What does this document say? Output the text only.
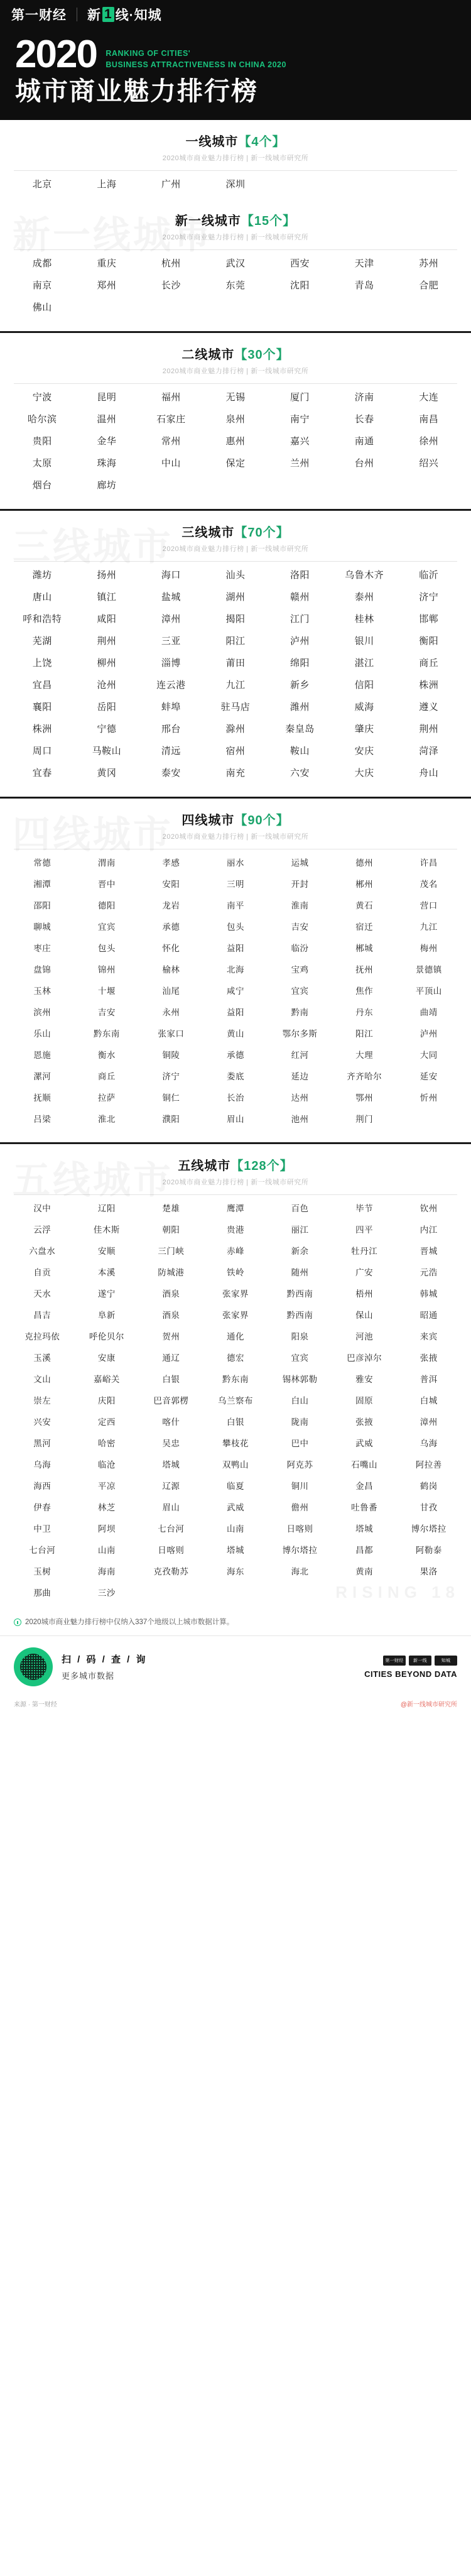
第一财经 新 1 线·知城
2020 RANKING OF CITIES'
BUSINESS ATTRACTIVENESS IN CHINA 2020
城市商业魅力排行榜
一线城市【4个】
2020城市商业魅力排行榜 | 新一线城市研究所
北京	上海	广州	深圳
新一线城市【15个】
2020城市商业魅力排行榜 | 新一线城市研究所
成都	重庆	杭州	武汉	西安	天津	苏州
南京	郑州	长沙	东莞	沈阳	青岛	合肥
佛山
二线城市【30个】
2020城市商业魅力排行榜 | 新一线城市研究所
宁波	昆明	福州	无锡	厦门	济南	大连
哈尔滨	温州	石家庄	泉州	南宁	长春	南昌
贵阳	金华	常州	惠州	嘉兴	南通	徐州
太原	珠海	中山	保定	兰州	台州	绍兴
烟台	廊坊
三线城市【70个】
2020城市商业魅力排行榜 | 新一线城市研究所
潍坊	扬州	海口	汕头	洛阳	乌鲁木齐	临沂
唐山	镇江	盐城	湖州	赣州	泰州	济宁
呼和浩特	咸阳	漳州	揭阳	江门	桂林	邯郸
芜湖	荆州	三亚	阳江	泸州	银川	衡阳
上饶	柳州	淄博	莆田	绵阳	湛江	商丘
宜昌	沧州	连云港	九江	新乡	信阳	株洲
襄阳	岳阳	蚌埠	驻马店	潍州	威海	遵义
株洲	宁德	邢台	滁州	秦皇岛	肇庆	荆州
周口	马鞍山	清远	宿州	鞍山	安庆	菏泽
宜春	黄冈	泰安	南充	六安	大庆	舟山
四线城市【90个】
2020城市商业魅力排行榜 | 新一线城市研究所
常德	渭南	孝感	丽水	运城	德州	许昌
湘潭	晋中	安阳	三明	开封	郴州	茂名
邵阳	德阳	龙岩	南平	淮南	黄石	营口
聊城	宜宾	承德	包头	吉安	宿迁	九江
枣庄	包头	怀化	益阳	临汾	郴城	梅州
盘锦	锦州	榆林	北海	宝鸡	抚州	景德镇
玉林	十堰	汕尾	咸宁	宜宾	焦作	平顶山
滨州	吉安	永州	益阳	黔南	丹东	曲靖
乐山	黔东南	张家口	黄山	鄂尔多斯	阳江	泸州
恩施	衡水	铜陵	承德	红河	大理	大同
漯河	商丘	济宁	娄底	延边	齐齐哈尔	延安
抚顺	拉萨	铜仁	长治	达州	鄂州	忻州
吕梁	淮北	濮阳	眉山	池州	荆门
五线城市【128个】
2020城市商业魅力排行榜 | 新一线城市研究所
汉中	辽阳	楚雄	鹰潭	百色	毕节	钦州
云浮	佳木斯	朝阳	贵港	丽江	四平	内江
六盘水	安顺	三门峡	赤峰	新余	牡丹江	晋城
自贡	本溪	防城港	铁岭	随州	广安	元浩
天水	遂宁	酒泉	张家界	黔西南	梧州	韩城
昌吉	阜新	酒泉	张家界	黔西南	保山	昭通
克拉玛依	呼伦贝尔	贺州	通化	阳泉	河池	来宾
玉溪	安康	通辽	德宏	宜宾	巴彦淖尔	张掖
文山	嘉峪关	白银	黔东南	锡林郭勒	雅安	普洱
崇左	庆阳	巴音郭楞	乌兰察布	白山	固原	白城
兴安	定西	喀什	白银	陇南	张掖	漳州
黑河	哈密	吴忠	攀枝花	巴中	武威	乌海
乌海	临沧	塔城	双鸭山	阿克苏	石嘴山	阿拉善
海西	平凉	辽源	临夏	铜川	金昌	鹤岗
伊春	林芝	眉山	武威	儋州	吐鲁番	甘孜
中卫	阿坝	七台河	山南	日喀则	塔城	博尔塔拉
七台河	山南	日喀则	塔城	博尔塔拉	昌都	阿勒泰
玉树	海南	克孜勒苏	海东	海北	黄南	果洛
那曲	三沙	RISING 18
2020城市商业魅力排行榜中仅纳入337个地级以上城市数据计算。
扫 / 码 / 查 / 询
更多城市数据
第一财经	新一线	知城
CITIES BEYOND DATA
来源 · 第一财经	@新一线城市研究所
